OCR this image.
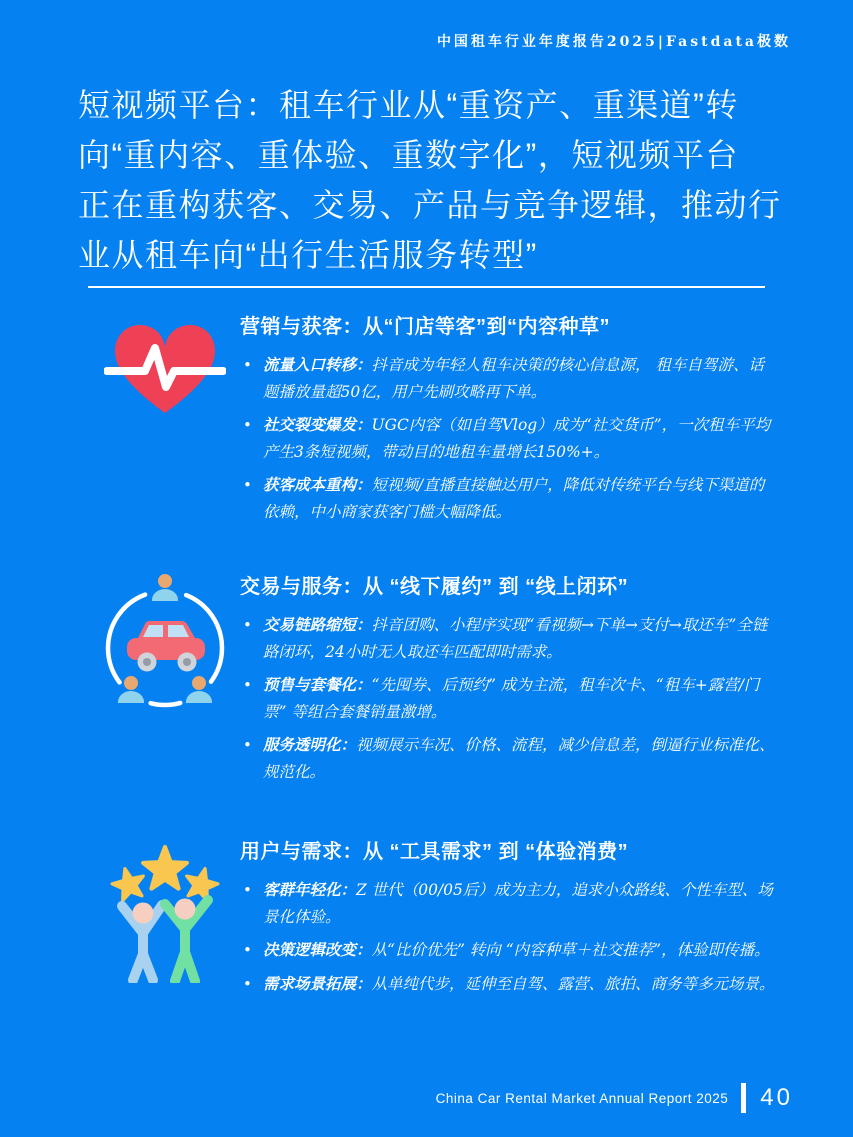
中国租车行业年度报告2025|Fastdata极数
短视频平台：租车行业从“重资产、重渠道”转
向“重内容、重体验、重数字化”，短视频平台
正在重构获客、交易、产品与竞争逻辑，推动行
业从租车向“出行生活服务转型”
营销与获客：从“门店等客”到“内容种草”
• 流量入口转移：抖音成为年轻人租车决策的核心信息源， 租车自驾游、话题播放量超50亿，用户先刷攻略再下单。
• 社交裂变爆发：UGC内容（如自驾Vlog）成为“社交货币”，一次租车平均产生3条短视频，带动目的地租车量增长150%+。
• 获客成本重构：短视频/直播直接触达用户，降低对传统平台与线下渠道的依赖，中小商家获客门槛大幅降低。
交易与服务：从 “线下履约” 到 “线上闭环”
• 交易链路缩短：抖音团购、小程序实现“看视频→下单→支付→取还车”全链路闭环，24小时无人取还车匹配即时需求。
• 预售与套餐化：“先囤券、后预约” 成为主流，租车次卡、“租车+露营/门票” 等组合套餐销量激增。
• 服务透明化：视频展示车况、价格、流程，减少信息差，倒逼行业标准化、规范化。
用户与需求：从 “工具需求” 到 “体验消费”
• 客群年轻化：Z 世代（00/05后）成为主力，追求小众路线、个性车型、场景化体验。
• 决策逻辑改变：从“比价优先” 转向 “内容种草＋社交推荐”，体验即传播。
• 需求场景拓展：从单纯代步，延伸至自驾、露营、旅拍、商务等多元场景。
China Car Rental Market Annual Report 2025 40
